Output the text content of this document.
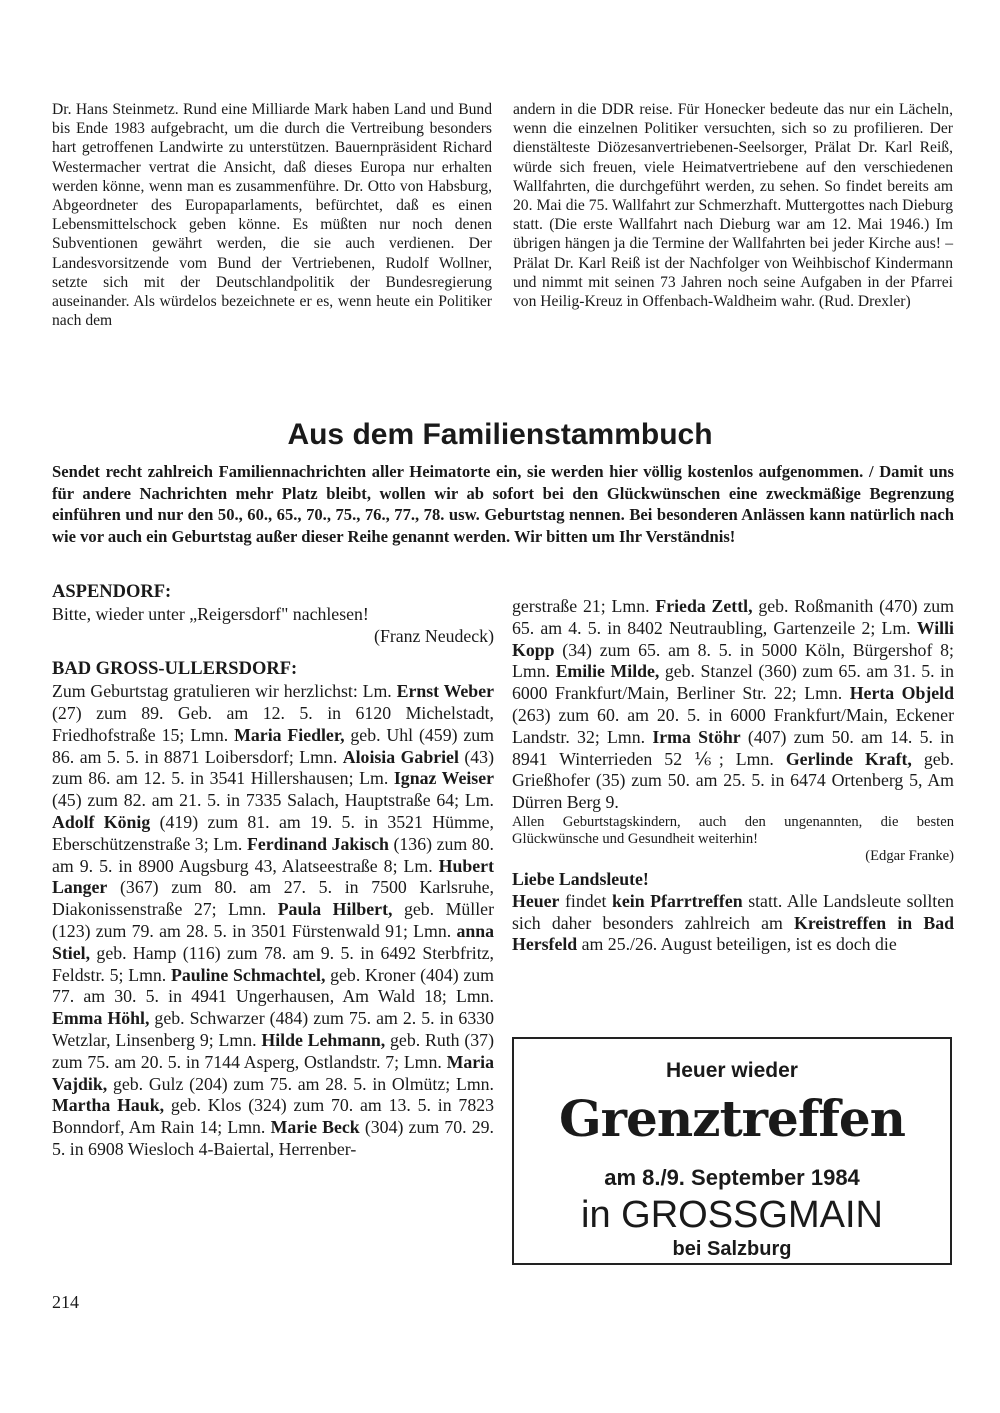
Dr. Hans Steinmetz. Rund eine Milliarde Mark haben Land und Bund bis Ende 1983 aufgebracht, um die durch die Vertreibung besonders hart getroffenen Landwirte zu unterstützen. Bauernpräsident Richard Westermacher vertrat die Ansicht, daß dieses Europa nur erhalten werden könne, wenn man es zusammenführe. Dr. Otto von Habsburg, Abgeordneter des Europaparlaments, befürchtet, daß es einen Lebensmittelschock geben könne. Es müßten nur noch denen Subventionen gewährt werden, die sie auch verdienen. Der Landesvorsitzende vom Bund der Vertriebenen, Rudolf Wollner, setzte sich mit der Deutschlandpolitik der Bundesregierung auseinander. Als würdelos bezeichnete er es, wenn heute ein Politiker nach dem

andern in die DDR reise. Für Honecker bedeute das nur ein Lächeln, wenn die einzelnen Politiker versuchten, sich so zu profilieren. Der dienstälteste Diözesanvertriebenen-Seelsorger, Prälat Dr. Karl Reiß, würde sich freuen, viele Heimatvertriebene auf den verschiedenen Wallfahrten, die durchgeführt werden, zu sehen. So findet bereits am 20. Mai die 75. Wallfahrt zur Schmerzhaft. Muttergottes nach Dieburg statt. (Die erste Wallfahrt nach Dieburg war am 12. Mai 1946.) Im übrigen hängen ja die Termine der Wallfahrten bei jeder Kirche aus! – Prälat Dr. Karl Reiß ist der Nachfolger von Weihbischof Kindermann und nimmt mit seinen 73 Jahren noch seine Aufgaben in der Pfarrei von Heilig-Kreuz in Offenbach-Waldheim wahr. (Rud. Drexler)

Aus dem Familienstammbuch
Sendet recht zahlreich Familiennachrichten aller Heimatorte ein, sie werden hier völlig kostenlos aufgenommen. / Damit uns für andere Nachrichten mehr Platz bleibt, wollen wir ab sofort bei den Glückwünschen eine zweckmäßige Begrenzung einführen und nur den 50., 60., 65., 70., 75., 76., 77., 78. usw. Geburtstag nennen. Bei besonderen Anlässen kann natürlich nach wie vor auch ein Geburtstag außer dieser Reihe genannt werden. Wir bitten um Ihr Verständnis!

ASPENDORF:

Bitte, wieder unter „Reigersdorf" nachlesen!

(Franz Neudeck)

BAD GROSS-ULLERSDORF:

Zum Geburtstag gratulieren wir herzlichst: Lm. Ernst Weber (27) zum 89. Geb. am 12. 5. in 6120 Michelstadt, Friedhofstraße 15; Lmn. Maria Fiedler, geb. Uhl (459) zum 86. am 5. 5. in 8871 Loibersdorf; Lmn. Aloisia Gabriel (43) zum 86. am 12. 5. in 3541 Hillershausen; Lm. Ignaz Weiser (45) zum 82. am 21. 5. in 7335 Salach, Hauptstraße 64; Lm. Adolf König (419) zum 81. am 19. 5. in 3521 Hümme, Eberschützenstraße 3; Lm. Ferdinand Jakisch (136) zum 80. am 9. 5. in 8900 Augsburg 43, Alatseestraße 8; Lm. Hubert Langer (367) zum 80. am 27. 5. in 7500 Karlsruhe, Diakonissenstraße 27; Lmn. Paula Hilbert, geb. Müller (123) zum 79. am 28. 5. in 3501 Fürstenwald 91; Lmn. anna Stiel, geb. Hamp (116) zum 78. am 9. 5. in 6492 Sterbfritz, Feldstr. 5; Lmn. Pauline Schmachtel, geb. Kroner (404) zum 77. am 30. 5. in 4941 Ungerhausen, Am Wald 18; Lmn. Emma Höhl, geb. Schwarzer (484) zum 75. am 2. 5. in 6330 Wetzlar, Linsenberg 9; Lmn. Hilde Lehmann, geb. Ruth (37) zum 75. am 20. 5. in 7144 Asperg, Ostlandstr. 7; Lmn. Maria Vajdik, geb. Gulz (204) zum 75. am 28. 5. in Olmütz; Lmn. Martha Hauk, geb. Klos (324) zum 70. am 13. 5. in 7823 Bonndorf, Am Rain 14; Lmn. Marie Beck (304) zum 70. 29. 5. in 6908 Wiesloch 4-Baiertal, Herrenber-

gerstraße 21; Lmn. Frieda Zettl, geb. Roßmanith (470) zum 65. am 4. 5. in 8402 Neutraubling, Gartenzeile 2; Lm. Willi Kopp (34) zum 65. am 8. 5. in 5000 Köln, Bürgershof 8; Lmn. Emilie Milde, geb. Stanzel (360) zum 65. am 31. 5. in 6000 Frankfurt/Main, Berliner Str. 22; Lmn. Herta Objeld (263) zum 60. am 20. 5. in 6000 Frankfurt/Main, Eckener Landstr. 32; Lmn. Irma Stöhr (407) zum 50. am 14. 5. in 8941 Winterrieden 52 ⅙; Lmn. Gerlinde Kraft, geb. Grießhofer (35) zum 50. am 25. 5. in 6474 Ortenberg 5, Am Dürren Berg 9.

Allen Geburtstagskindern, auch den ungenannten, die besten Glückwünsche und Gesundheit weiterhin!

(Edgar Franke)

Liebe Landsleute!

Heuer findet kein Pfarrtreffen statt. Alle Landsleute sollten sich daher besonders zahlreich am Kreistreffen in Bad Hersfeld am 25./26. August beteiligen, ist es doch die

Heuer wieder
Grenztreffen
am 8./9. September 1984
in GROSSGMAIN
bei Salzburg
214
